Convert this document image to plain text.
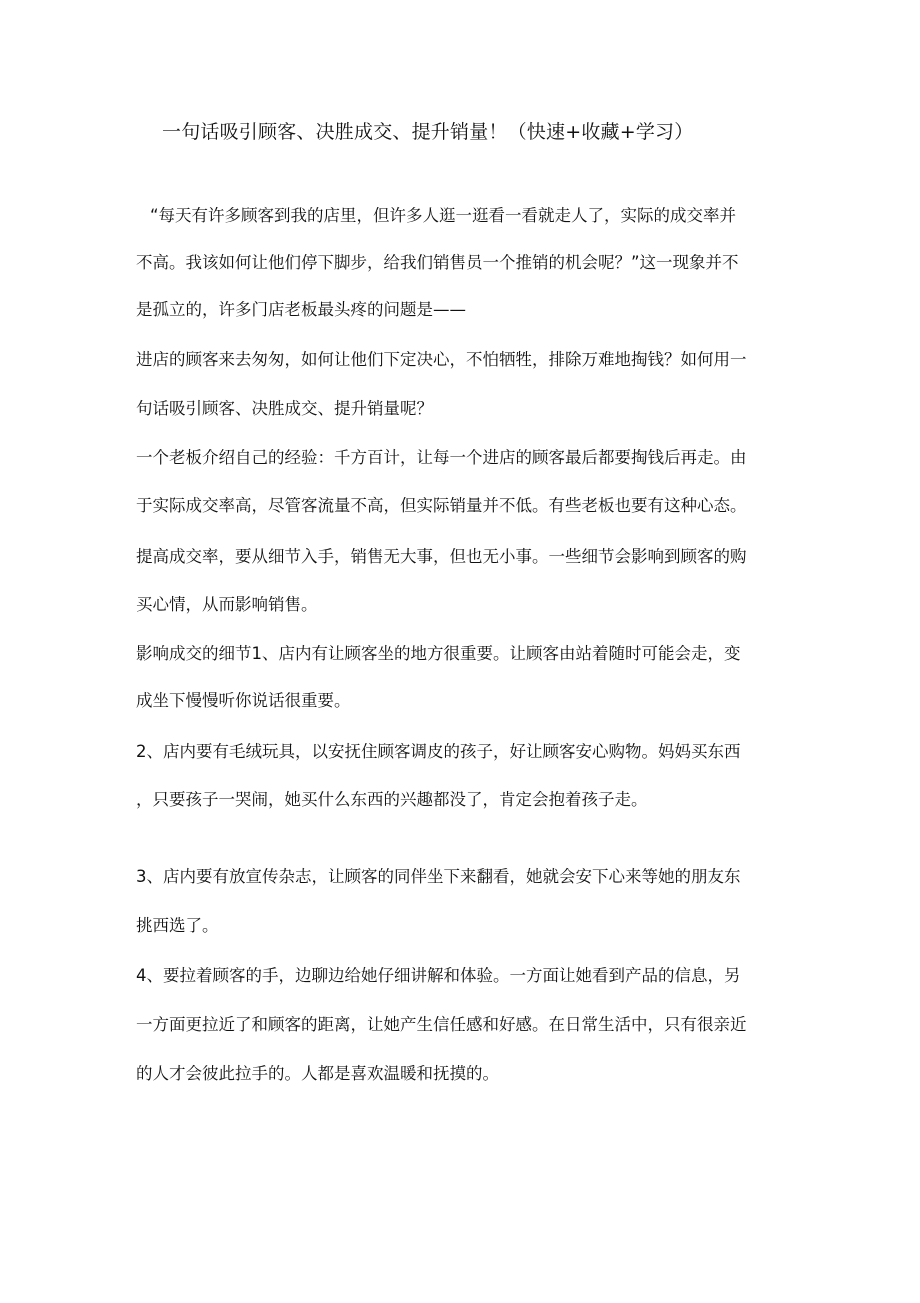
一句话吸引顾客、决胜成交、提升销量！（快速+收藏+学习）
“每天有许多顾客到我的店里，但许多人逛一逛看一看就走人了，实际的成交率并
不高。我该如何让他们停下脚步，给我们销售员一个推销的机会呢？”这一现象并不
是孤立的，许多门店老板最头疼的问题是——
进店的顾客来去匆匆，如何让他们下定决心，不怕牺牲，排除万难地掏钱？如何用一
句话吸引顾客、决胜成交、提升销量呢？
一个老板介绍自己的经验：千方百计，让每一个进店的顾客最后都要掏钱后再走。由
于实际成交率高，尽管客流量不高，但实际销量并不低。有些老板也要有这种心态。
提高成交率，要从细节入手，销售无大事，但也无小事。一些细节会影响到顾客的购
买心情，从而影响销售。
影响成交的细节1、店内有让顾客坐的地方很重要。让顾客由站着随时可能会走，变
成坐下慢慢听你说话很重要。
2、店内要有毛绒玩具，以安抚住顾客调皮的孩子，好让顾客安心购物。妈妈买东西
，只要孩子一哭闹，她买什么东西的兴趣都没了，肯定会抱着孩子走。
3、店内要有放宣传杂志，让顾客的同伴坐下来翻看，她就会安下心来等她的朋友东
挑西选了。
4、要拉着顾客的手，边聊边给她仔细讲解和体验。一方面让她看到产品的信息，另
一方面更拉近了和顾客的距离，让她产生信任感和好感。在日常生活中，只有很亲近
的人才会彼此拉手的。人都是喜欢温暖和抚摸的。
